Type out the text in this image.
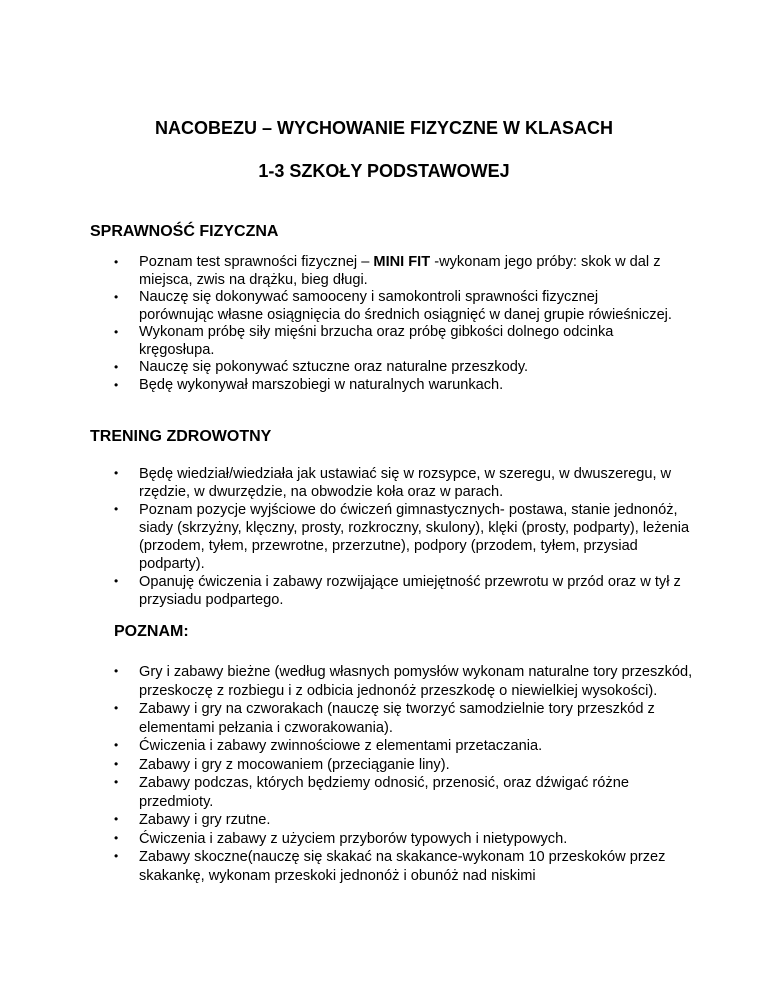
NACOBEZU – WYCHOWANIE FIZYCZNE W KLASACH
1-3 SZKOŁY PODSTAWOWEJ
SPRAWNOŚĆ FIZYCZNA
• Poznam test sprawności fizycznej – MINI FIT -wykonam jego próby: skok w dal z miejsca, zwis na drążku, bieg długi.
• Nauczę się dokonywać samooceny i samokontroli sprawności fizycznej porównując własne osiągnięcia do średnich osiągnięć w danej grupie rówieśniczej.
• Wykonam próbę siły mięśni brzucha oraz próbę gibkości dolnego odcinka kręgosłupa.
• Nauczę się pokonywać sztuczne oraz naturalne przeszkody.
• Będę wykonywał marszobiegi w naturalnych warunkach.
TRENING ZDROWOTNY
• Będę wiedział/wiedziała jak ustawiać się w rozsypce, w szeregu, w dwuszeregu, w rzędzie, w dwurzędzie, na obwodzie koła oraz w parach.
• Poznam pozycje wyjściowe do ćwiczeń gimnastycznych- postawa, stanie jednonóż, siady (skrzyżny, klęczny, prosty, rozkroczny, skulony), klęki (prosty, podparty), leżenia (przodem, tyłem, przewrotne, przerzutne), podpory (przodem, tyłem, przysiad podparty).
• Opanuję ćwiczenia i zabawy rozwijające umiejętność przewrotu w przód oraz w tył z przysiadu podpartego.
POZNAM:
• Gry i zabawy bieżne (według własnych pomysłów wykonam naturalne tory przeszkód, przeskoczę z rozbiegu i z odbicia jednonóż przeszkodę o niewielkiej wysokości).
• Zabawy i gry na czworakach (nauczę się tworzyć samodzielnie tory przeszkód z elementami pełzania i czworakowania).
• Ćwiczenia i zabawy zwinnościowe z elementami przetaczania.
• Zabawy i gry z mocowaniem (przeciąganie liny).
• Zabawy podczas, których będziemy odnosić, przenosić, oraz dźwigać różne przedmioty.
• Zabawy i gry rzutne.
• Ćwiczenia i zabawy z użyciem przyborów typowych i nietypowych.
• Zabawy skoczne(nauczę się skakać na skakance-wykonam 10 przeskoków przez skakankę, wykonam przeskoki jednonóż i obunóż nad niskimi
